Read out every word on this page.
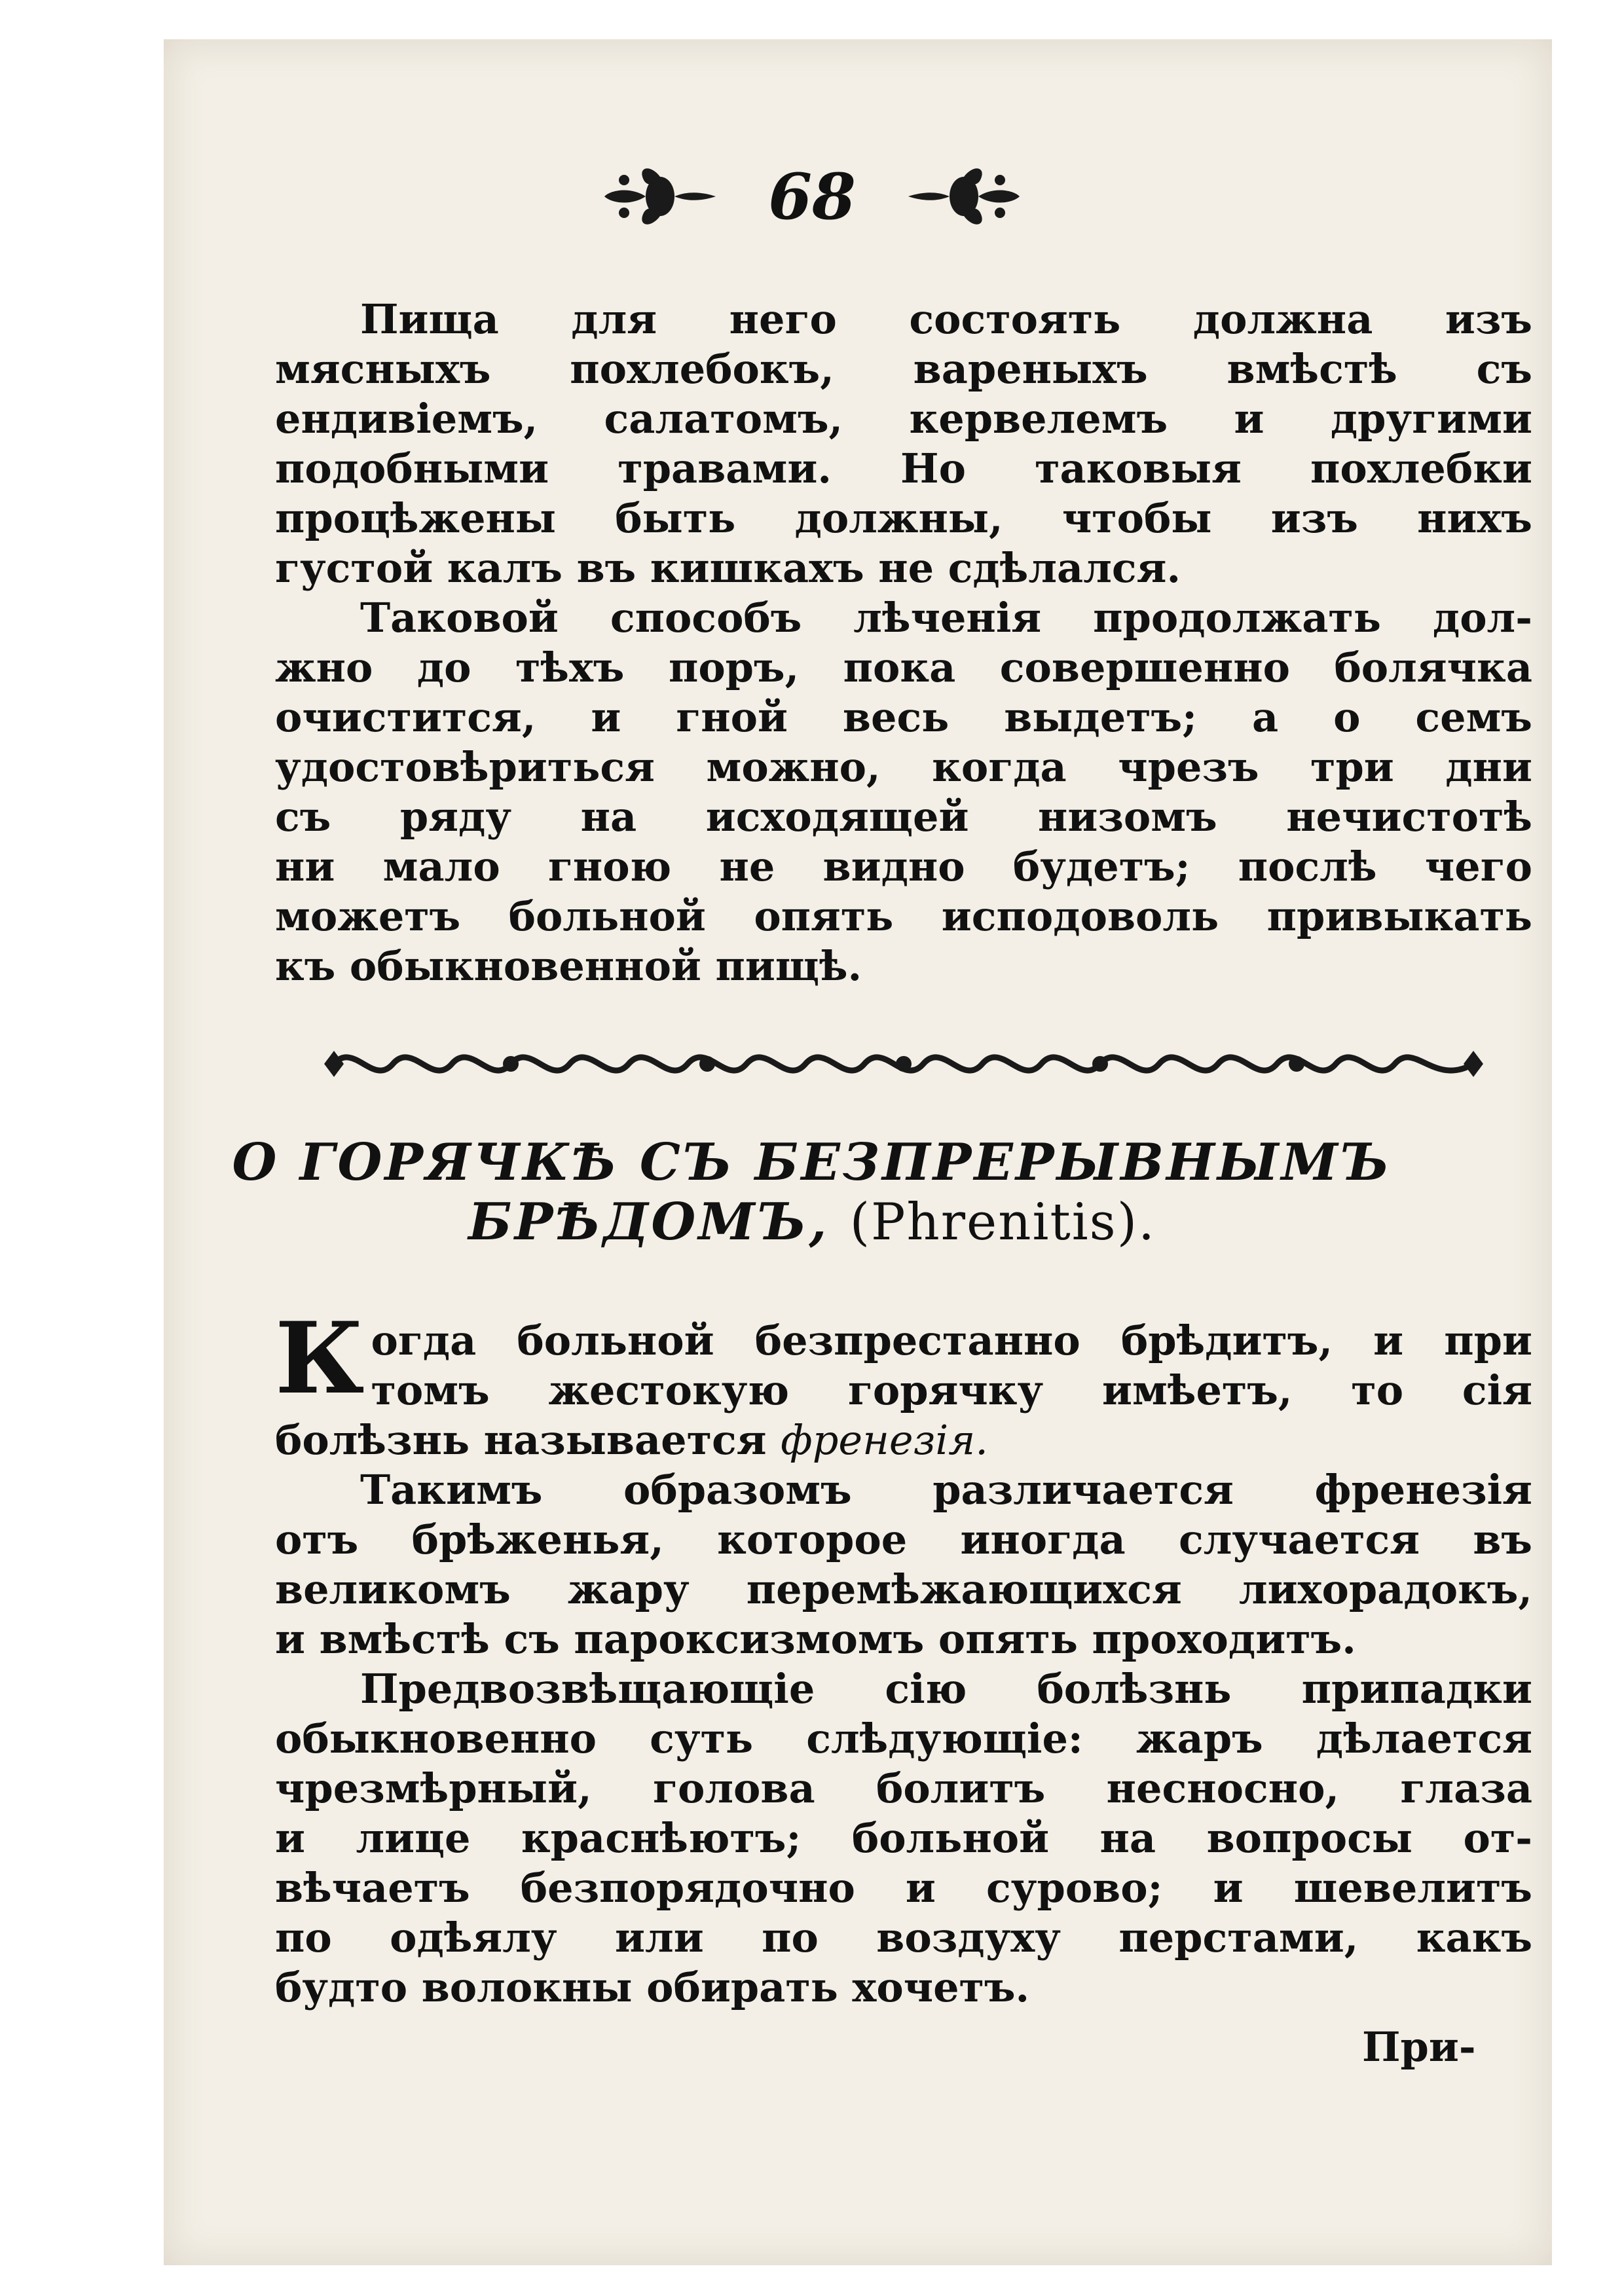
68
Пища для него состоять должна изъ
мясныхъ похлебокъ, вареныхъ вмѣстѣ съ
ендивіемъ, салатомъ, кервелемъ и другими
подобными травами. Но таковыя похлебки
процѣжены быть должны, чтобы изъ нихъ
густой калъ въ кишкахъ не сдѣлался.
Таковой способъ лѣченія продолжать дол-
жно до тѣхъ поръ, пока совершенно болячка
очистится, и гной весь выдетъ; а о семъ
удостовѣриться можно, когда чрезъ три дни
съ ряду на исходящей низомъ нечистотѣ
ни мало гною не видно будетъ; послѣ чего
можетъ больной опять исподоволь привыкать
къ обыкновенной пищѣ.
О ГОРЯЧКѢ СЪ БЕЗПРЕРЫВНЫМЪ
БРѢДОМЪ, (Phrenitis).
К огда больной безпрестанно брѣдитъ, и при
томъ жестокую горячку имѣетъ, то сія
болѣзнь называется френезія.
Такимъ образомъ различается френезія
отъ брѣженья, которое иногда случается въ
великомъ жару перемѣжающихся лихорадокъ,
и вмѣстѣ съ пароксизмомъ опять проходитъ.
Предвозвѣщающіе сію болѣзнь припадки
обыкновенно суть слѣдующіе: жаръ дѣлается
чрезмѣрный, голова болитъ несносно, глаза
и лице краснѣютъ; больной на вопросы от-
вѣчаетъ безпорядочно и сурово; и шевелитъ
по одѣялу или по воздуху перстами, какъ
будто волокны обирать хочетъ.
При-
